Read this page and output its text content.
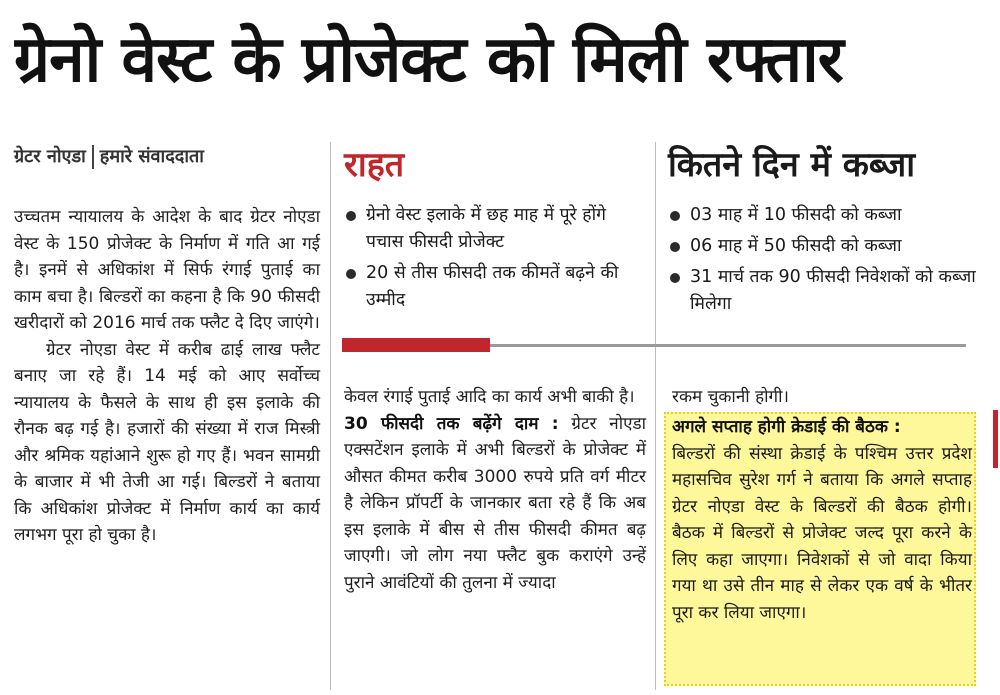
ग्रेनो वेस्ट के प्रोजेक्ट को मिली रफ्तार
ग्रेटर नोएडा हमारे संवाददाता

उच्चतम न्यायालय के आदेश के बाद ग्रेटर नोएडा वेस्ट के 150 प्रोजेक्ट के निर्माण में गति आ गई है। इनमें से अधिकांश में सिर्फ रंगाई पुताई का काम बचा है। बिल्डरों का कहना है कि 90 फीसदी खरीदारों को 2016 मार्च तक फ्लैट दे दिए जाएंगे।

ग्रेटर नोएडा वेस्ट में करीब ढाई लाख फ्लैट बनाए जा रहे हैं। 14 मई को आए सर्वोच्च न्यायालय के फैसले के साथ ही इस इलाके की रौनक बढ़ गई है। हजारों की संख्या में राज मिस्त्री और श्रमिक यहांआने शुरू हो गए हैं। भवन सामग्री के बाजार में भी तेजी आ गई। बिल्डरों ने बताया कि अधिकांश प्रोजेक्ट में निर्माण कार्य का कार्य लगभग पूरा हो चुका है।

राहत
ग्रेनो वेस्ट इलाके में छह माह में पूरे होंगे पचास फीसदी प्रोजेक्ट
20 से तीस फीसदी तक कीमतें बढ़ने की उम्मीद
कितने दिन में कब्जा
03 माह में 10 फीसदी को कब्जा
06 माह में 50 फीसदी को कब्जा
31 मार्च तक 90 फीसदी निवेशकों को कब्जा मिलेगा

केवल रंगाई पुताई आदि का कार्य अभी बाकी है।

30 फीसदी तक बढ़ेंगे दाम : ग्रेटर नोएडा एक्सटेंशन इलाके में अभी बिल्डरों के प्रोजेक्ट में औसत कीमत करीब 3000 रुपये प्रति वर्ग मीटर है लेकिन प्रॉपर्टी के जानकार बता रहे हैं कि अब इस इलाके में बीस से तीस फीसदी कीमत बढ़ जाएगी। जो लोग नया फ्लैट बुक कराएंगे उन्हें पुराने आवंटियों की तुलना में ज्यादा

रकम चुकानी होगी।

अगले सप्ताह होगी क्रेडाई की बैठक :
बिल्डरों की संस्था क्रेडाई के पश्चिम उत्तर प्रदेश महासचिव सुरेश गर्ग ने बताया कि अगले सप्ताह ग्रेटर नोएडा वेस्ट के बिल्डरों की बैठक होगी। बैठक में बिल्डरों से प्रोजेक्ट जल्द पूरा करने के लिए कहा जाएगा। निवेशकों से जो वादा किया गया था उसे तीन माह से लेकर एक वर्ष के भीतर पूरा कर लिया जाएगा।
